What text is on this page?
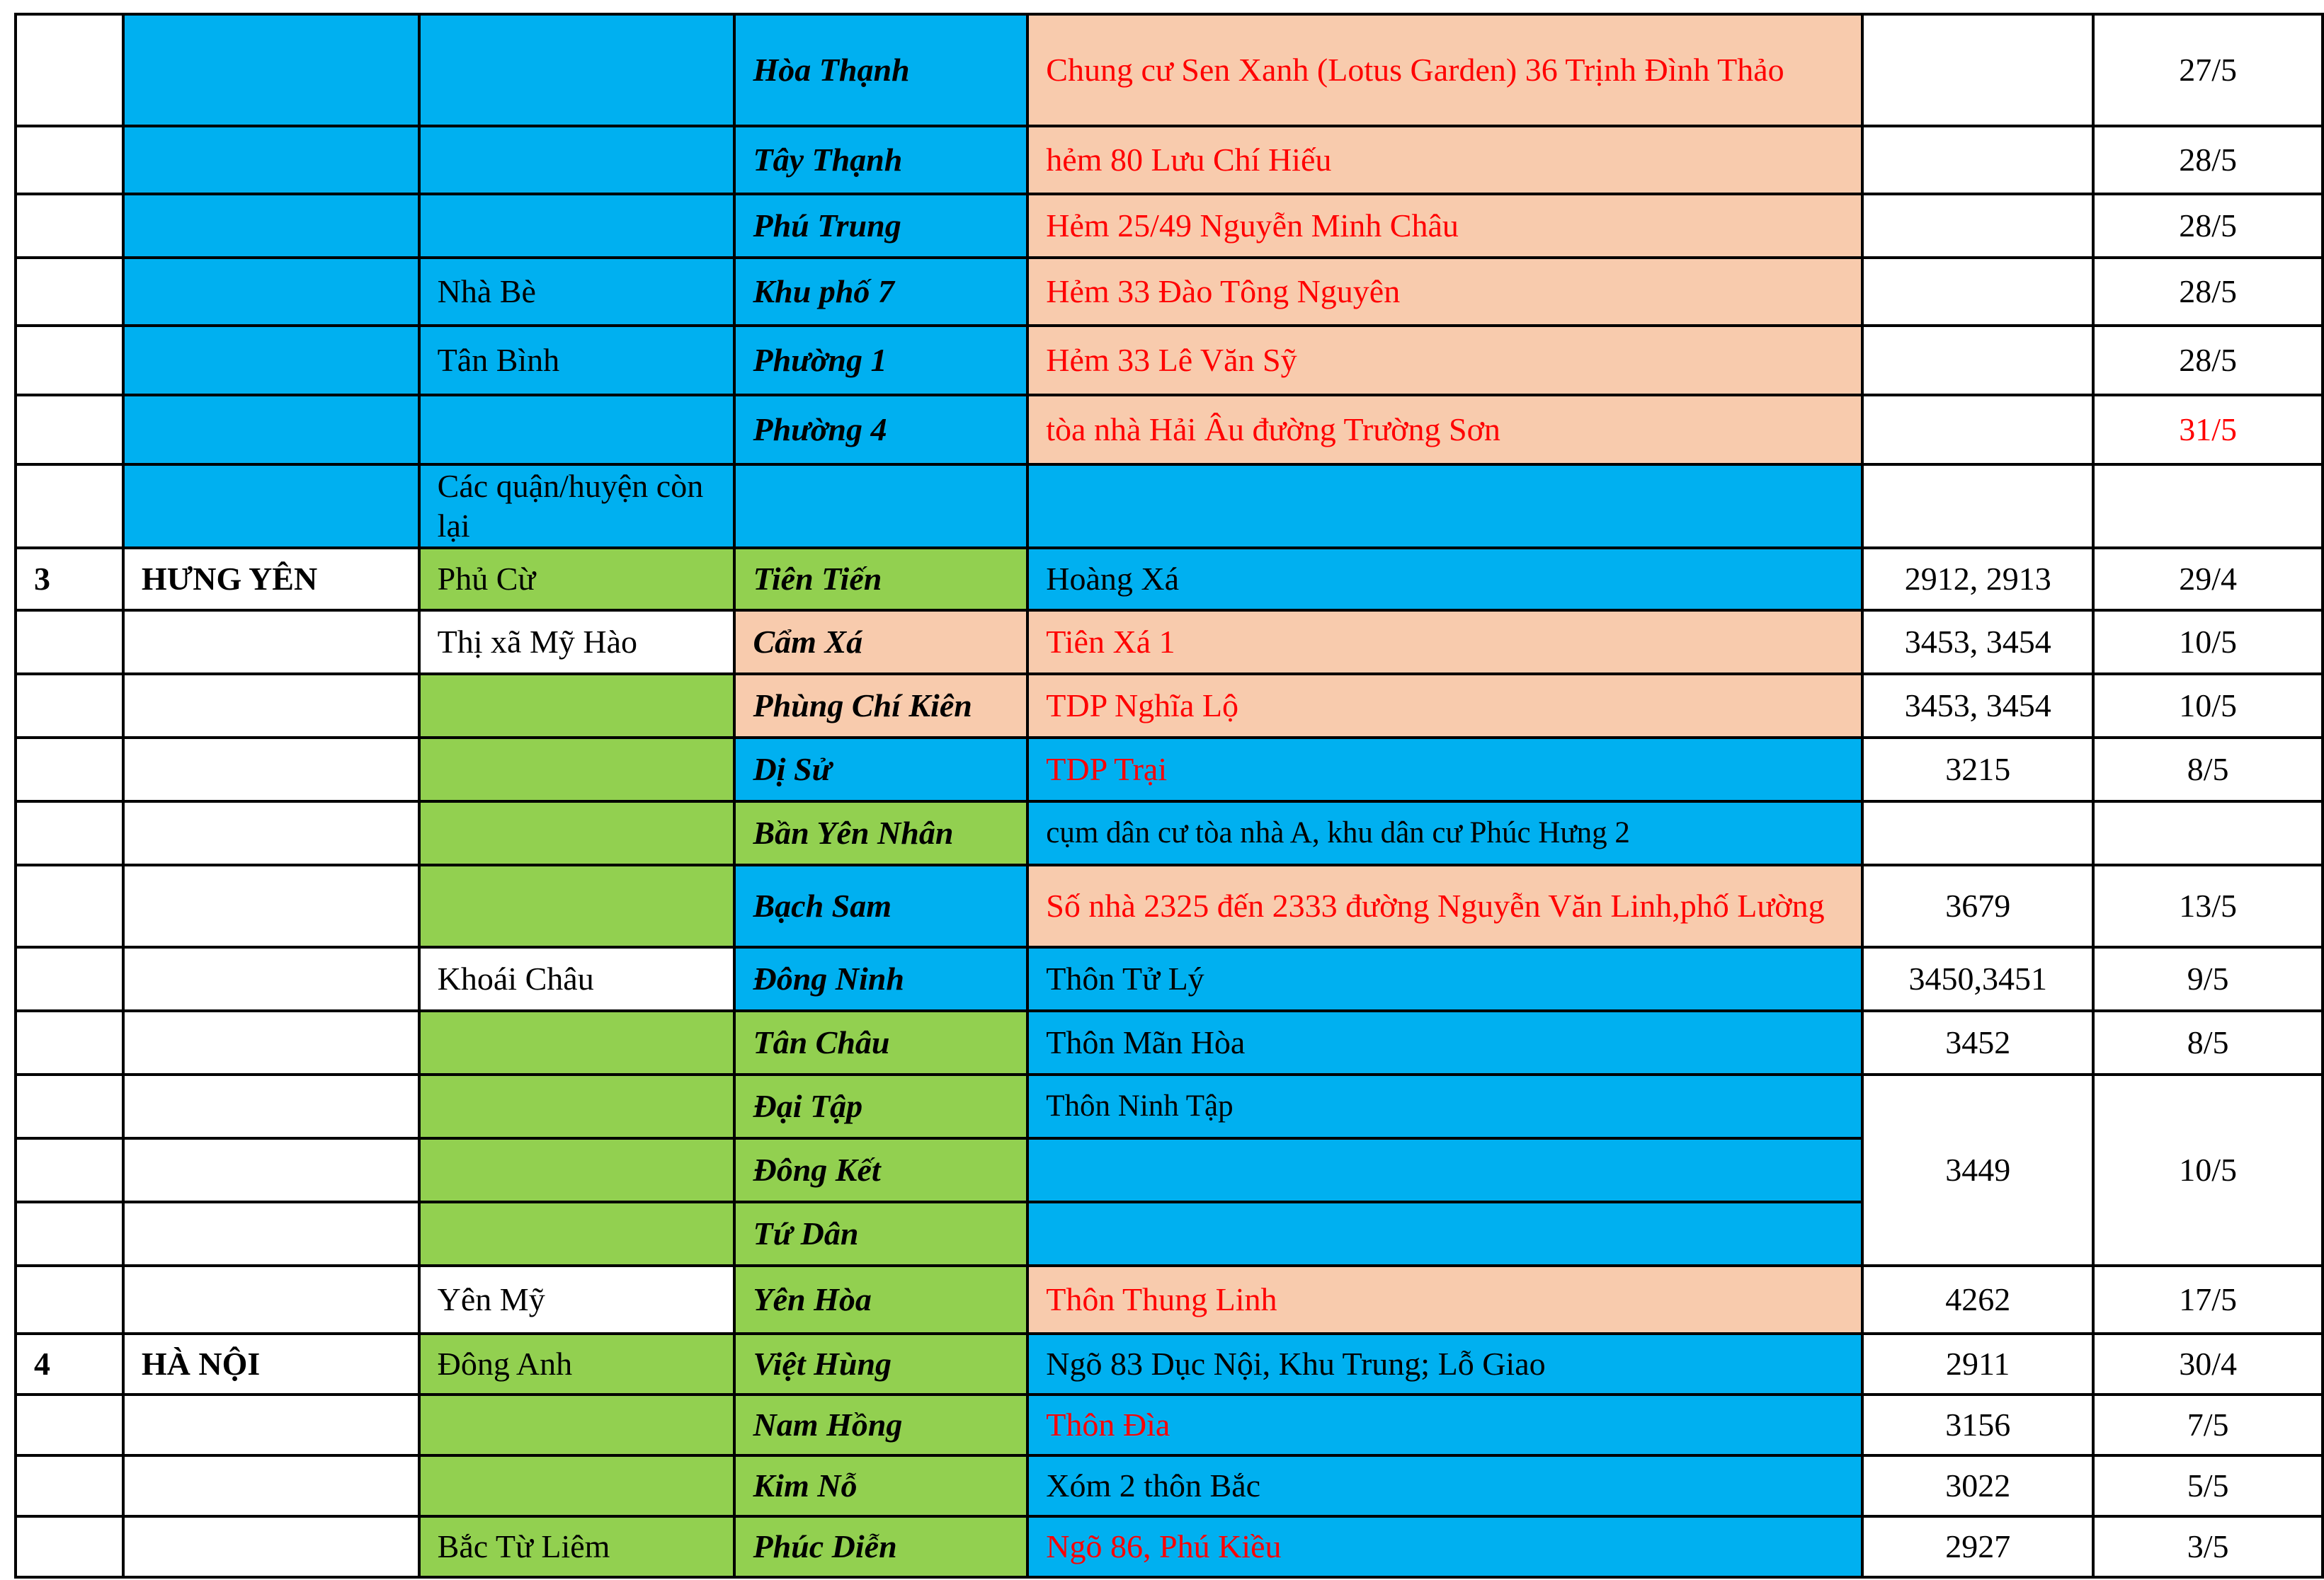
			Hòa Thạnh	Chung cư Sen Xanh (Lotus Garden) 36 Trịnh Đình Thảo		27/5
			Tây Thạnh	hẻm 80 Lưu Chí Hiếu		28/5
			Phú Trung	Hẻm 25/49 Nguyễn Minh Châu		28/5
		Nhà Bè	Khu phố 7	Hẻm 33 Đào Tông Nguyên		28/5
		Tân Bình	Phường 1	Hẻm 33 Lê Văn Sỹ		28/5
			Phường 4	tòa nhà Hải Âu đường Trường Sơn		31/5
		Các quận/huyện còn lại				
3	HƯNG YÊN	Phủ Cừ	Tiên Tiến	Hoàng Xá	2912, 2913	29/4
		Thị xã Mỹ Hào	Cẩm Xá	Tiên Xá 1	3453, 3454	10/5
			Phùng Chí Kiên	TDP Nghĩa Lộ	3453, 3454	10/5
			Dị Sử	TDP Trại	3215	8/5
			Bần Yên Nhân	cụm dân cư tòa nhà A, khu dân cư Phúc Hưng 2		
			Bạch Sam	Số nhà 2325 đến 2333 đường Nguyễn Văn Linh,phố Lường	3679	13/5
		Khoái Châu	Đông Ninh	Thôn Tử Lý	3450,3451	9/5
			Tân Châu	Thôn Mãn Hòa	3452	8/5
			Đại Tập	Thôn Ninh Tập	3449	10/5
			Đông Kết			
			Tứ Dân			
		Yên Mỹ	Yên Hòa	Thôn Thung Linh	4262	17/5
4	HÀ NỘI	Đông Anh	Việt Hùng	Ngõ 83 Dục Nội, Khu Trung; Lỗ Giao	2911	30/4
			Nam Hồng	Thôn Đìa	3156	7/5
			Kim Nỗ	Xóm 2 thôn Bắc	3022	5/5
		Bắc Từ Liêm	Phúc Diễn	Ngõ 86, Phú Kiều	2927	3/5
